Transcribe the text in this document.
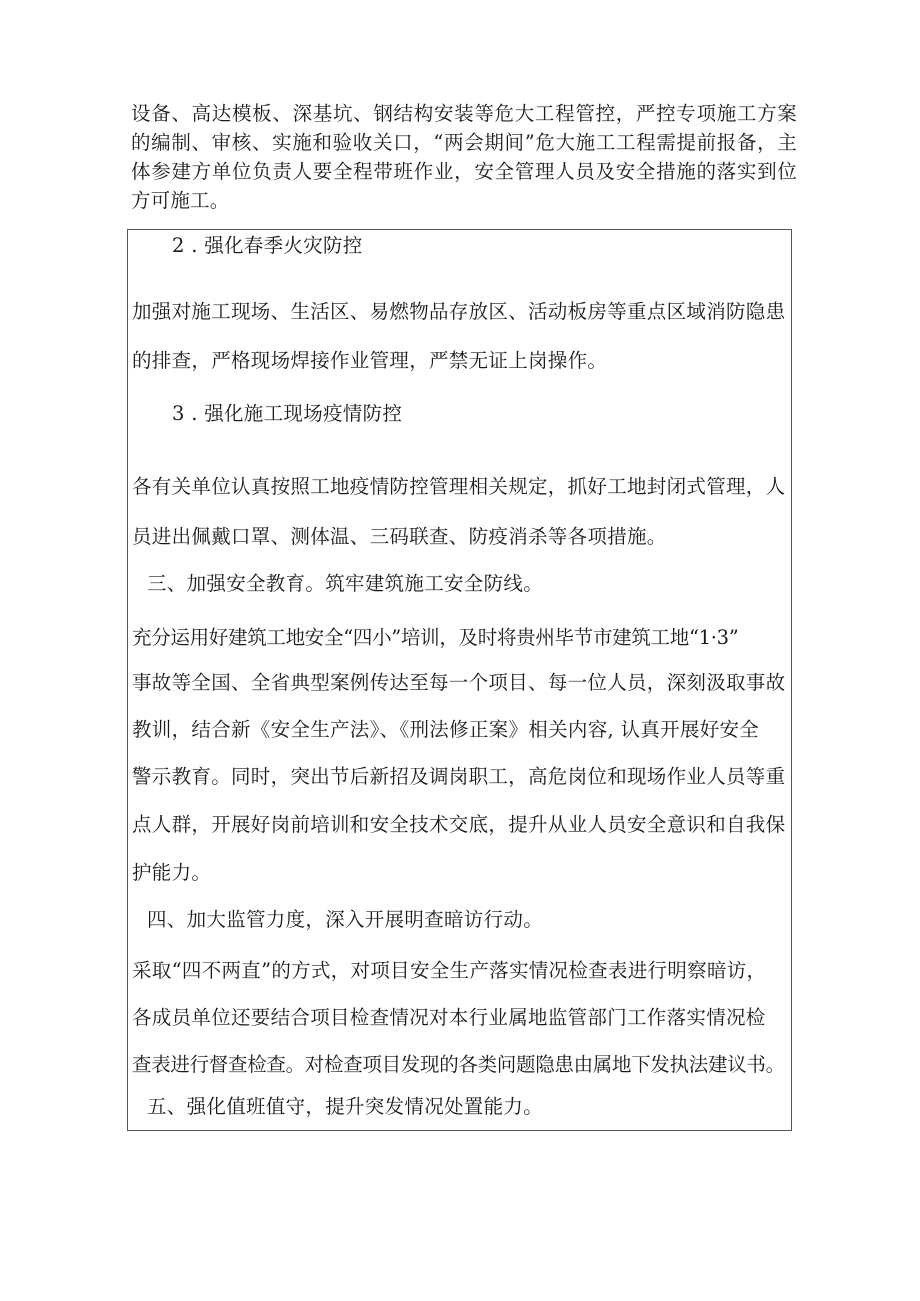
设备、高达模板、深基坑、钢结构安装等危大工程管控，严控专项施工方案的编制、审核、实施和验收关口，“两会期间”危大施工工程需提前报备，主体参建方单位负责人要全程带班作业，安全管理人员及安全措施的落实到位方可施工。
2 . 强化春季火灾防控
加强对施工现场、生活区、易燃物品存放区、活动板房等重点区域消防隐患
的排查，严格现场焊接作业管理，严禁无证上岗操作。
3 . 强化施工现场疫情防控
各有关单位认真按照工地疫情防控管理相关规定，抓好工地封闭式管理，人
员进出佩戴口罩、测体温、三码联查、防疫消杀等各项措施。
三、加强安全教育。筑牢建筑施工安全防线。
充分运用好建筑工地安全“四小”培训，及时将贵州毕节市建筑工地“1·3”
事故等全国、全省典型案例传达至每一个项目、每一位人员，深刻汲取事故
教训，结合新《安全生产法》、《刑法修正案》相关内容, 认真开展好安全
警示教育。同时，突出节后新招及调岗职工，高危岗位和现场作业人员等重
点人群，开展好岗前培训和安全技术交底，提升从业人员安全意识和自我保
护能力。
四、加大监管力度，深入开展明查暗访行动。
采取“四不两直”的方式，对项目安全生产落实情况检查表进行明察暗访，
各成员单位还要结合项目检查情况对本行业属地监管部门工作落实情况检
查表进行督查检查。对检查项目发现的各类问题隐患由属地下发执法建议书。
五、强化值班值守，提升突发情况处置能力。
